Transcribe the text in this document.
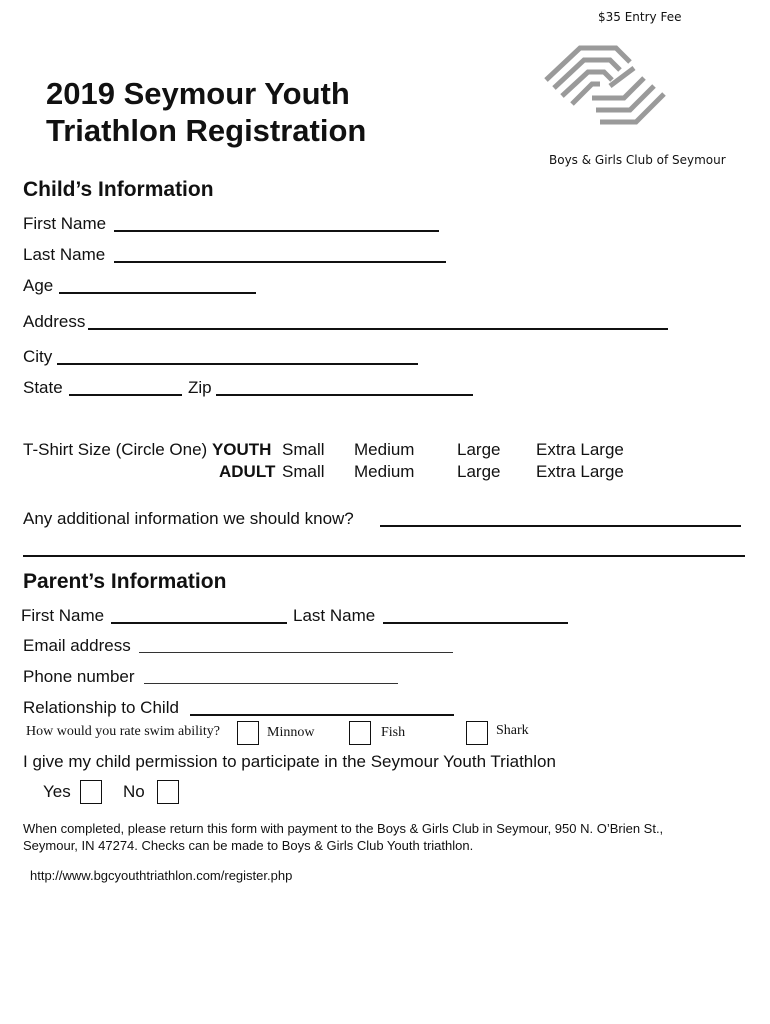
$35 Entry Fee
2019 Seymour Youth
Triathlon Registration
Boys & Girls Club of Seymour
Child’s Information
First Name
Last Name
Age
Address
City
State	Zip
T-Shirt Size (Circle One) YOUTH Small Medium	Large Extra Large
ADULT Small Medium	Large Extra Large
Any additional information we should know?
Parent’s Information
First Name	Last Name
Email address
Phone number
Relationship to Child
How would you rate swim ability?	Minnow	Fish	Shark
I give my child permission to participate in the Seymour Youth Triathlon
Yes	No
When completed, please return this form with payment to the Boys & Girls Club in Seymour, 950 N. O’Brien St.,
Seymour, IN 47274. Checks can be made to Boys & Girls Club Youth triathlon.
http://www.bgcyouthtriathlon.com/register.php
